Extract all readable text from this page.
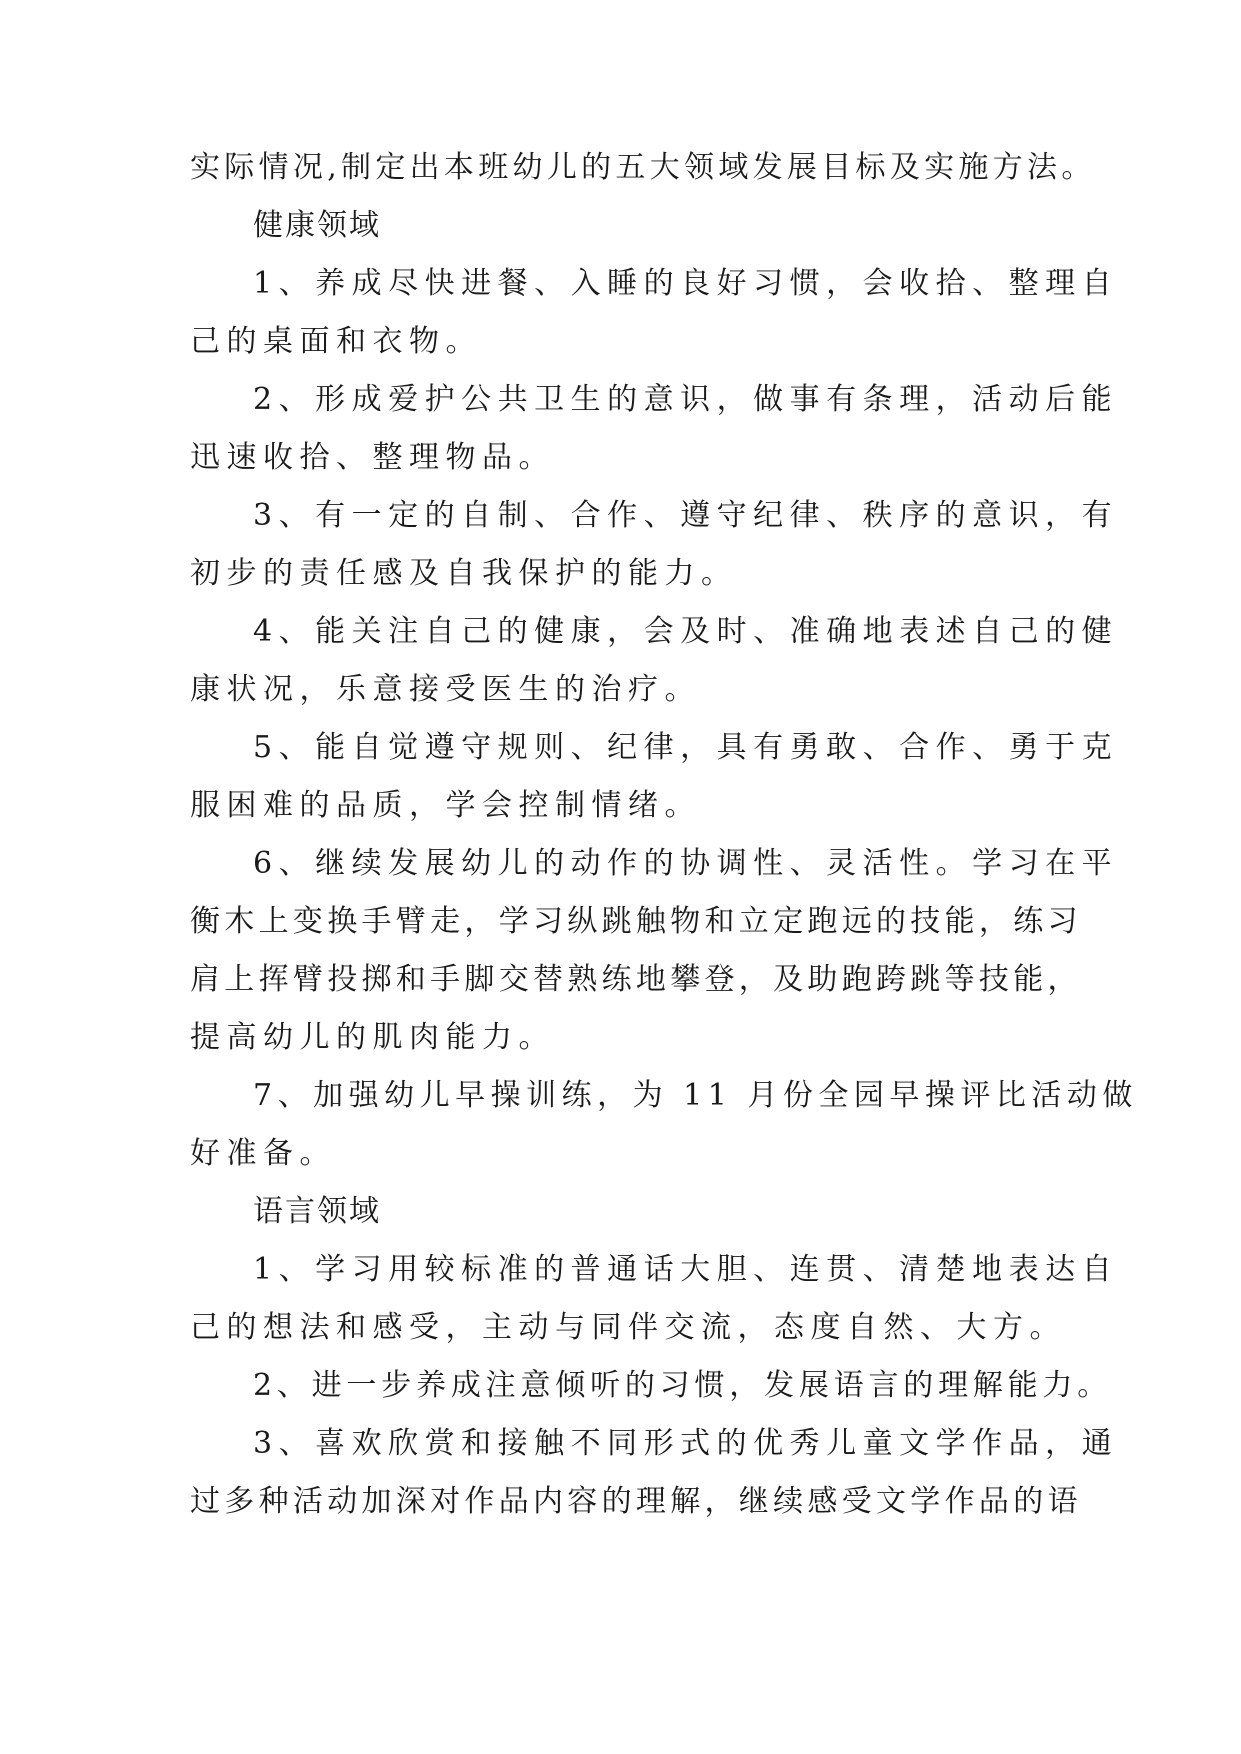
实际情况,制定出本班幼儿的五大领域发展目标及实施方法。
健康领域
1、养成尽快进餐、入睡的良好习惯，会收拾、整理自
己的桌面和衣物。
2、形成爱护公共卫生的意识，做事有条理，活动后能
迅速收拾、整理物品。
3、有一定的自制、合作、遵守纪律、秩序的意识，有
初步的责任感及自我保护的能力。
4、能关注自己的健康，会及时、准确地表述自己的健
康状况，乐意接受医生的治疗。
5、能自觉遵守规则、纪律，具有勇敢、合作、勇于克
服困难的品质，学会控制情绪。
6、继续发展幼儿的动作的协调性、灵活性。学习在平
衡木上变换手臂走，学习纵跳触物和立定跑远的技能，练习
肩上挥臂投掷和手脚交替熟练地攀登，及助跑跨跳等技能，
提高幼儿的肌肉能力。
7、加强幼儿早操训练，为 11 月份全园早操评比活动做
好准备。
语言领域
1、学习用较标准的普通话大胆、连贯、清楚地表达自
己的想法和感受，主动与同伴交流，态度自然、大方。
2、进一步养成注意倾听的习惯，发展语言的理解能力。
3、喜欢欣赏和接触不同形式的优秀儿童文学作品，通
过多种活动加深对作品内容的理解，继续感受文学作品的语
